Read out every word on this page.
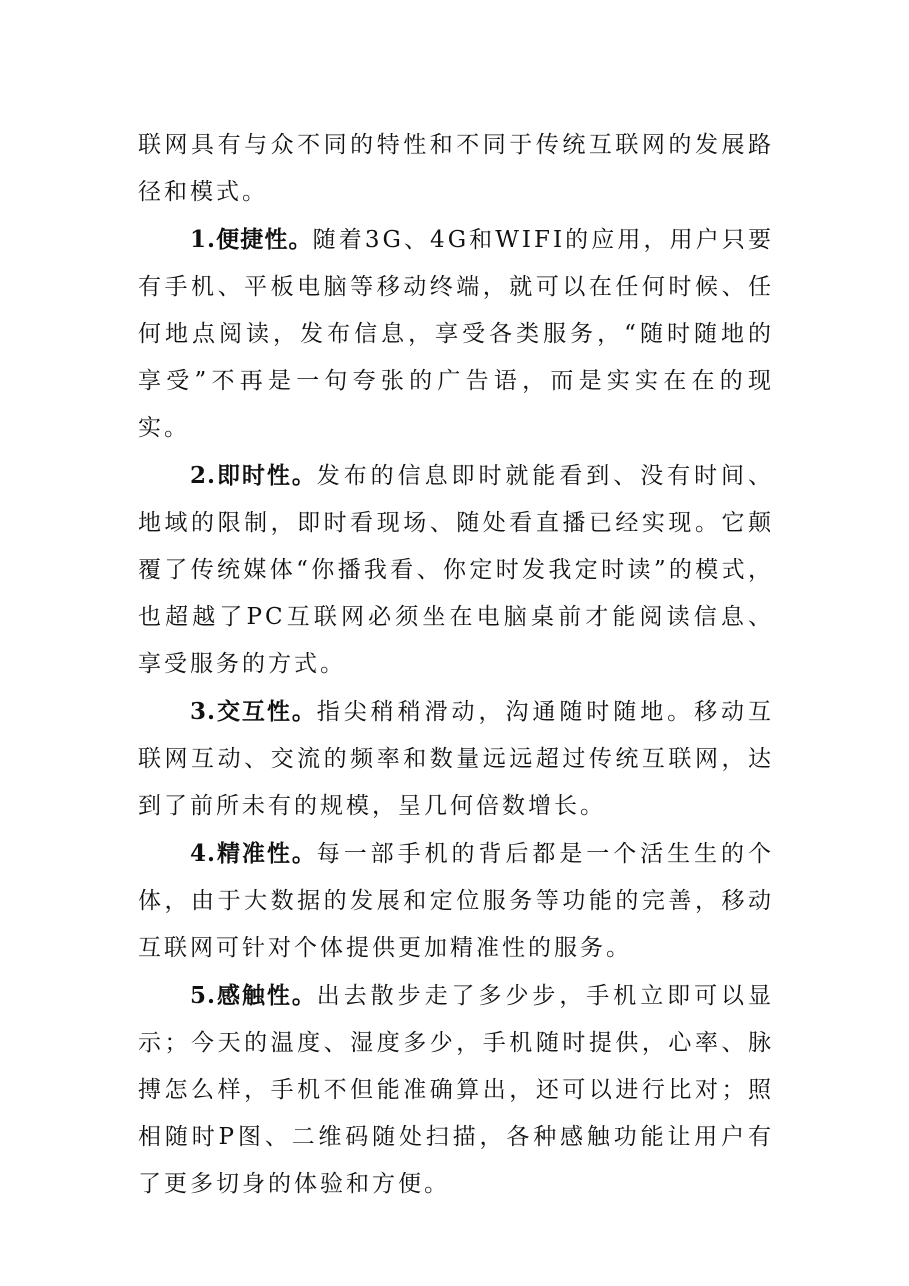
联网具有与众不同的特性和不同于传统互联网的发展路径和模式。

1.便捷性。随着3G、4G和WIFI的应用，用户只要有手机、平板电脑等移动终端，就可以在任何时候、任何地点阅读，发布信息，享受各类服务，“随时随地的享受”不再是一句夸张的广告语，而是实实在在的现实。

2.即时性。发布的信息即时就能看到、没有时间、地域的限制，即时看现场、随处看直播已经实现。它颠覆了传统媒体“你播我看、你定时发我定时读”的模式，也超越了PC互联网必须坐在电脑桌前才能阅读信息、享受服务的方式。

3.交互性。指尖稍稍滑动，沟通随时随地。移动互联网互动、交流的频率和数量远远超过传统互联网，达到了前所未有的规模，呈几何倍数增长。

4.精准性。每一部手机的背后都是一个活生生的个体，由于大数据的发展和定位服务等功能的完善，移动互联网可针对个体提供更加精准性的服务。

5.感触性。出去散步走了多少步，手机立即可以显示；今天的温度、湿度多少，手机随时提供，心率、脉搏怎么样，手机不但能准确算出，还可以进行比对；照相随时P图、二维码随处扫描，各种感触功能让用户有了更多切身的体验和方便。
